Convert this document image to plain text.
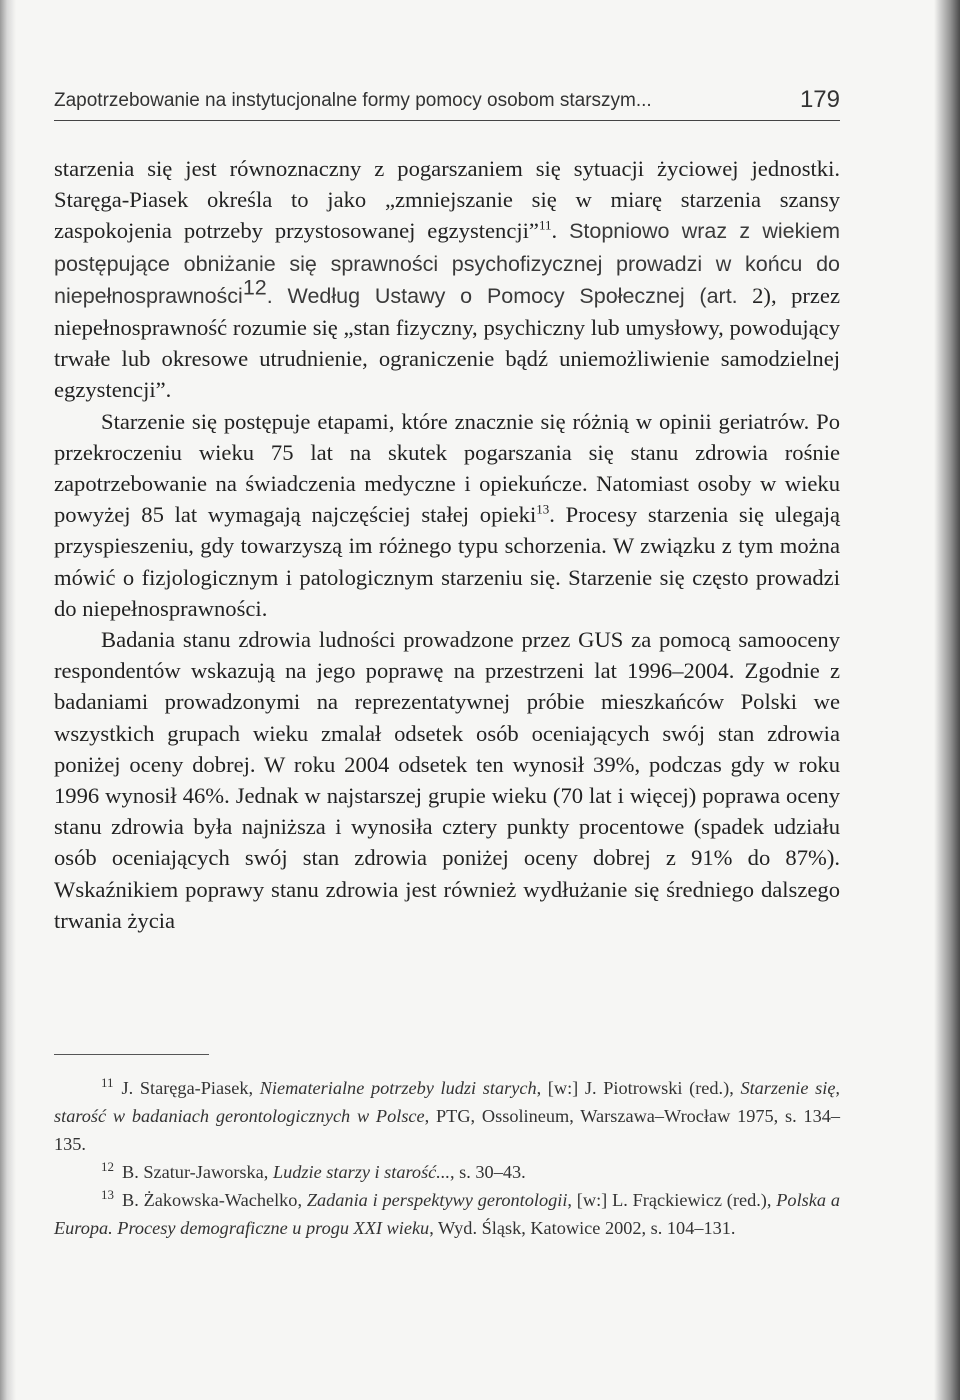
Zapotrzebowanie na instytucjonalne formy pomocy osobom starszym...	179

starzenia się jest równoznaczny z pogarszaniem się sytuacji życiowej jednostki. Staręga-Piasek określa to jako „zmniejszanie się w miarę starzenia szansy zaspokojenia potrzeby przystosowanej egzystencji”$^{11}$. Stopniowo wraz z wiekiem postępujące obniżanie się sprawności psychofizycznej prowadzi w końcu do niepełnosprawności$^{12}$. Według Ustawy o Pomocy Społecznej (art. 2), przez niepełnosprawność rozumie się „stan fizyczny, psychiczny lub umysłowy, powodujący trwałe lub okresowe utrudnienie, ograniczenie bądź uniemożliwienie samodzielnej egzystencji”.

Starzenie się postępuje etapami, które znacznie się różnią w opinii geriatrów. Po przekroczeniu wieku 75 lat na skutek pogarszania się stanu zdrowia rośnie zapotrzebowanie na świadczenia medyczne i opiekuńcze. Natomiast osoby w wieku powyżej 85 lat wymagają najczęściej stałej opieki$^{13}$. Procesy starzenia się ulegają przyspieszeniu, gdy towarzyszą im różnego typu schorzenia. W związku z tym można mówić o fizjologicznym i patologicznym starzeniu się. Starzenie się często prowadzi do niepełnosprawności.

Badania stanu zdrowia ludności prowadzone przez GUS za pomocą samooceny respondentów wskazują na jego poprawę na przestrzeni lat 1996–2004. Zgodnie z badaniami prowadzonymi na reprezentatywnej próbie mieszkańców Polski we wszystkich grupach wieku zmalał odsetek osób oceniających swój stan zdrowia poniżej oceny dobrej. W roku 2004 odsetek ten wynosił 39%, podczas gdy w roku 1996 wynosił 46%. Jednak w najstarszej grupie wieku (70 lat i więcej) poprawa oceny stanu zdrowia była najniższa i wynosiła cztery punkty procentowe (spadek udziału osób oceniających swój stan zdrowia poniżej oceny dobrej z 91% do 87%). Wskaźnikiem poprawy stanu zdrowia jest również wydłużanie się średniego dalszego trwania życia

$^{11}$ J. Staręga-Piasek, Niematerialne potrzeby ludzi starych, [w:] J. Piotrowski (red.), Starzenie się, starość w badaniach gerontologicznych w Polsce, PTG, Ossolineum, Warszawa–Wrocław 1975, s. 134–135.

$^{12}$ B. Szatur-Jaworska, Ludzie starzy i starość..., s. 30–43.

$^{13}$ B. Żakowska-Wachelko, Zadania i perspektywy gerontologii, [w:] L. Frąckiewicz (red.), Polska a Europa. Procesy demograficzne u progu XXI wieku, Wyd. Śląsk, Katowice 2002, s. 104–131.
